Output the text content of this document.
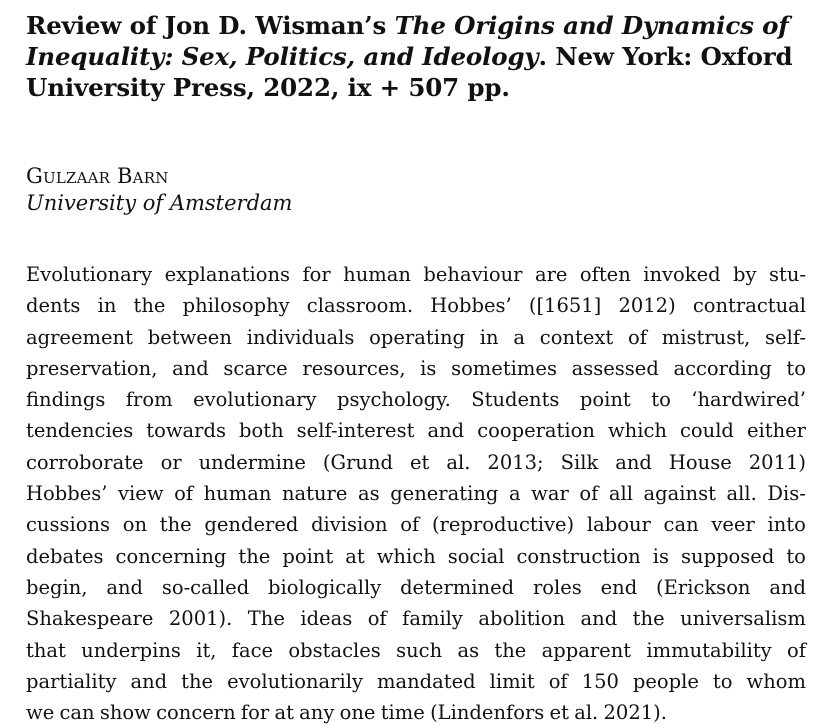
Review of Jon D. Wisman’s The Origins and Dynamics of
Inequality: Sex, Politics, and Ideology. New York: Oxford
University Press, 2022, ix + 507 pp.
Gulzaar Barn
University of Amsterdam
Evolutionary explanations for human behaviour are often invoked by stu-
dents in the philosophy classroom. Hobbes’ ([1651] 2012) contractual
agreement between individuals operating in a context of mistrust, self-
preservation, and scarce resources, is sometimes assessed according to
findings from evolutionary psychology. Students point to ‘hardwired’
tendencies towards both self-interest and cooperation which could either
corroborate or undermine (Grund et al. 2013; Silk and House 2011)
Hobbes’ view of human nature as generating a war of all against all. Dis-
cussions on the gendered division of (reproductive) labour can veer into
debates concerning the point at which social construction is supposed to
begin, and so-called biologically determined roles end (Erickson and
Shakespeare 2001). The ideas of family abolition and the universalism
that underpins it, face obstacles such as the apparent immutability of
partiality and the evolutionarily mandated limit of 150 people to whom
we can show concern for at any one time (Lindenfors et al. 2021).
